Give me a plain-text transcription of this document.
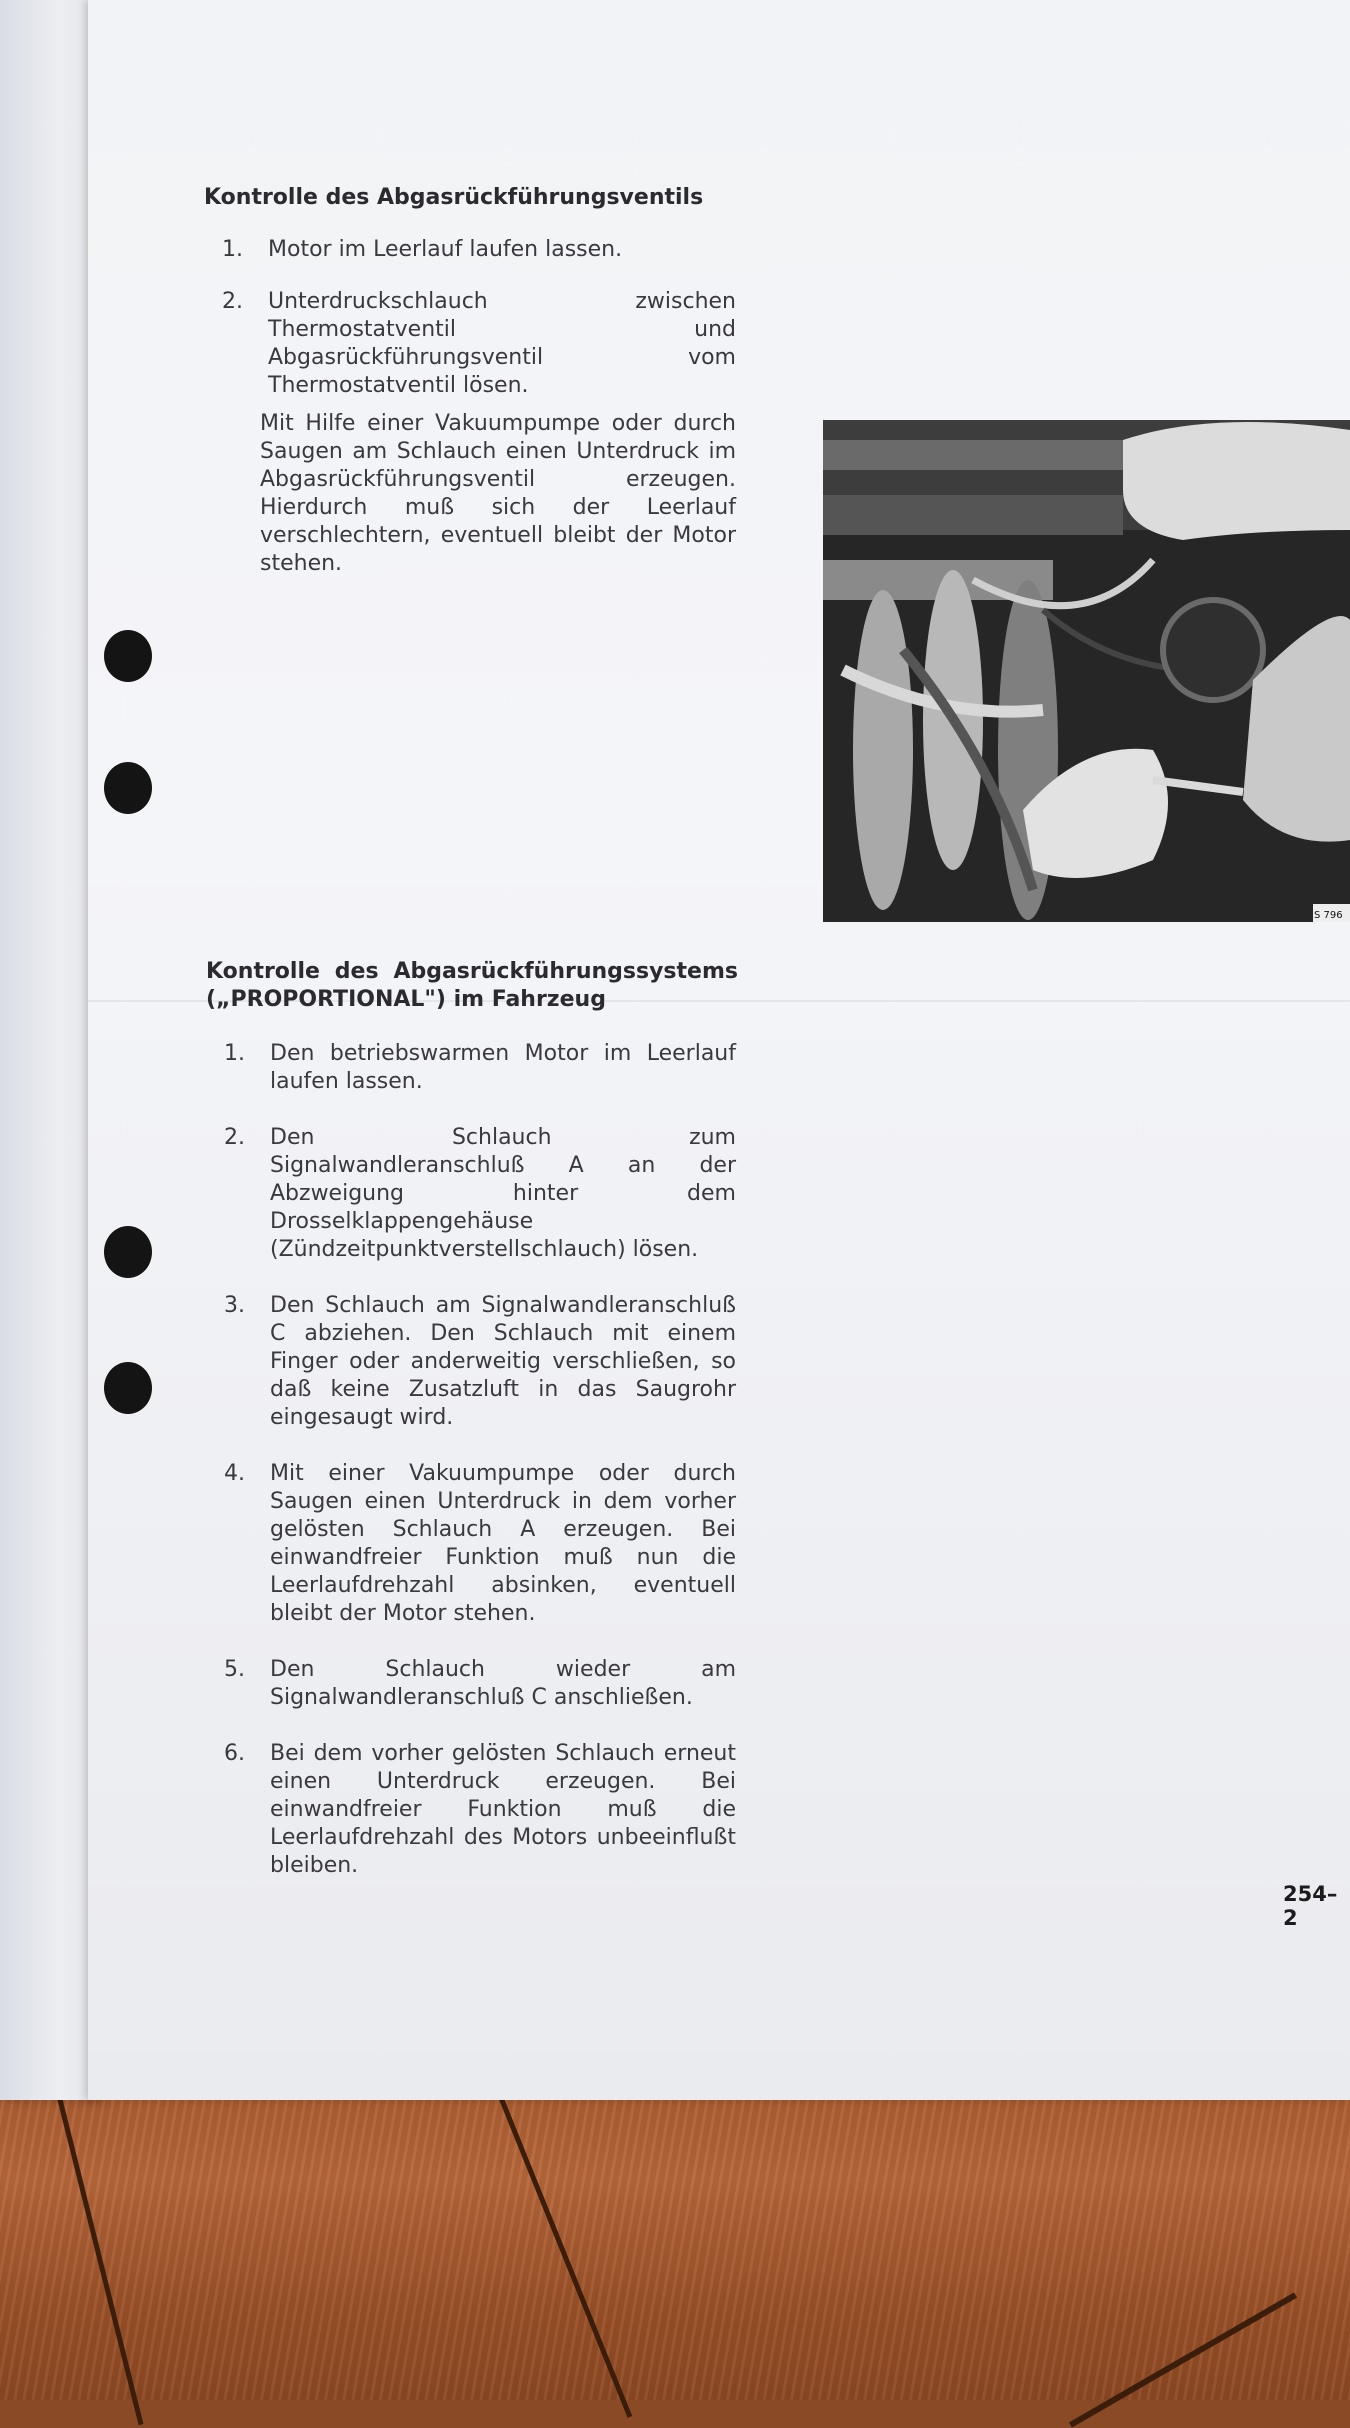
Kontrolle des Abgasrückführungsventils
1. Motor im Leerlauf laufen lassen.
2. Unterdruckschlauch zwischen Thermostatventil und Abgasrückführungsventil vom Thermostatventil lösen.
Mit Hilfe einer Vakuumpumpe oder durch Saugen am Schlauch einen Unterdruck im Abgasrückführungsventil erzeugen. Hierdurch muß sich der Leerlauf verschlechtern, eventuell bleibt der Motor stehen.
S 796
Kontrolle des Abgasrückführungssystems
(„PROPORTIONAL") im Fahrzeug
1. Den betriebswarmen Motor im Leerlauf laufen lassen.
2. Den Schlauch zum Signalwandleranschluß A an der Abzweigung hinter dem Drosselklappengehäuse (Zündzeitpunktverstellschlauch) lösen.
3. Den Schlauch am Signalwandleranschluß C abziehen. Den Schlauch mit einem Finger oder anderweitig verschließen, so daß keine Zusatzluft in das Saugrohr eingesaugt wird.
4. Mit einer Vakuumpumpe oder durch Saugen einen Unterdruck in dem vorher gelösten Schlauch A erzeugen. Bei einwandfreier Funktion muß nun die Leerlaufdrehzahl absinken, eventuell bleibt der Motor stehen.
5. Den Schlauch wieder am Signalwandleranschluß C anschließen.
6. Bei dem vorher gelösten Schlauch erneut einen Unterdruck erzeugen. Bei einwandfreier Funktion muß die Leerlaufdrehzahl des Motors unbeeinflußt bleiben.
254–2
